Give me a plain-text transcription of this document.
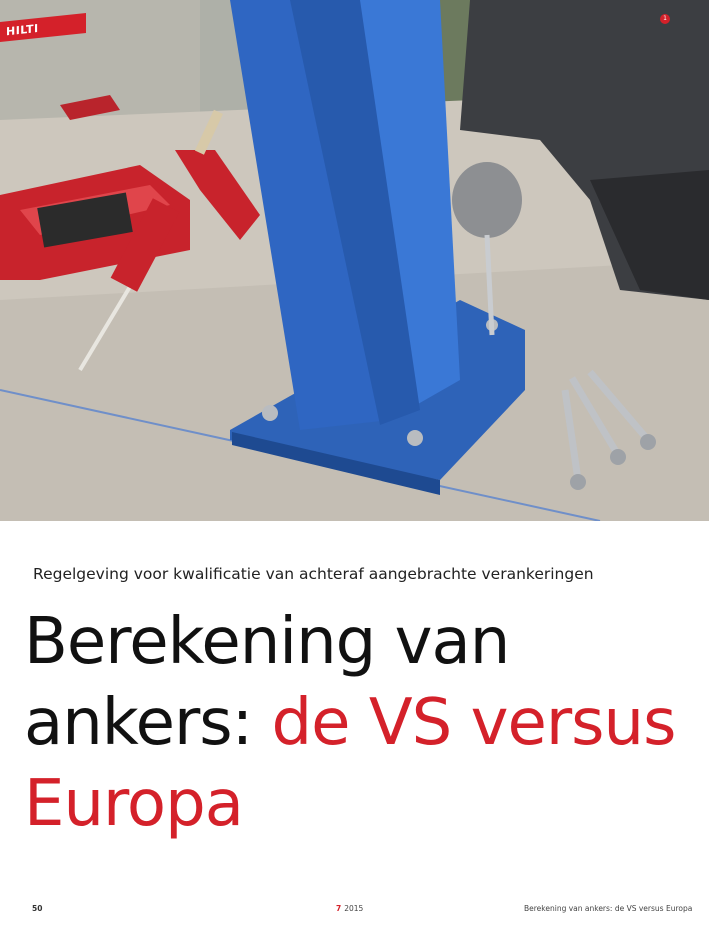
HILTI
1
Regelgeving voor kwalificatie van achteraf aangebrachte verankeringen
Berekening van ankers: de VS versus Europa
50	7 2015	Berekening van ankers: de VS versus Europa
